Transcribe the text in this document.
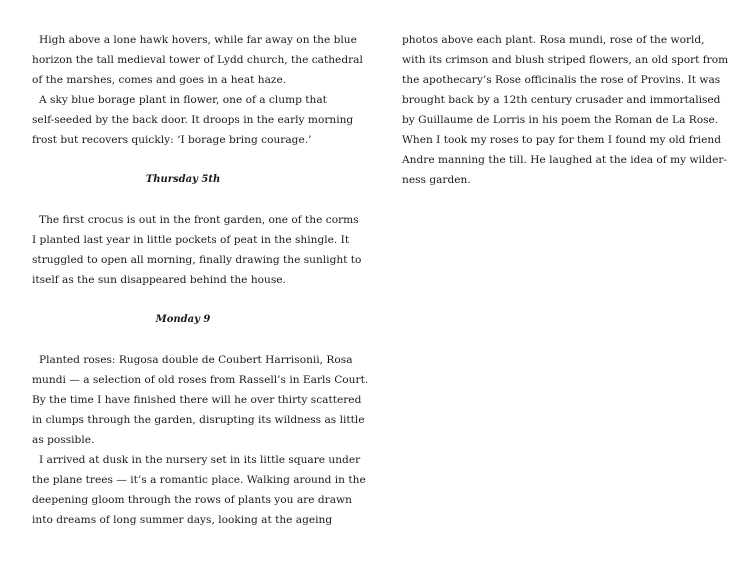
High above a lone hawk hovers, while far away on the blue
horizon the tall medieval tower of Lydd church, the cathedral
of the marshes, comes and goes in a heat haze.
A sky blue borage plant in flower, one of a clump that
self-seeded by the back door. It droops in the early morning
frost but recovers quickly: ‘I borage bring courage.’
Thursday 5th
The first crocus is out in the front garden, one of the corms
I planted last year in little pockets of peat in the shingle. It
struggled to open all morning, finally drawing the sunlight to
itself as the sun disappeared behind the house.
Monday 9
Planted roses: Rugosa double de Coubert Harrisonii, Rosa
mundi — a selection of old roses from Rassell’s in Earls Court.
By the time I have finished there will he over thirty scattered
in clumps through the garden, disrupting its wildness as little
as possible.
I arrived at dusk in the nursery set in its little square under
the plane trees — it’s a romantic place. Walking around in the
deepening gloom through the rows of plants you are drawn
into dreams of long summer days, looking at the ageing
photos above each plant. Rosa mundi, rose of the world,
with its crimson and blush striped flowers, an old sport from
the apothecary’s Rose officinalis the rose of Provins. It was
brought back by a 12th century crusader and immortalised
by Guillaume de Lorris in his poem the Roman de La Rose.
When I took my roses to pay for them I found my old friend
Andre manning the till. He laughed at the idea of my wilder-
ness garden.
